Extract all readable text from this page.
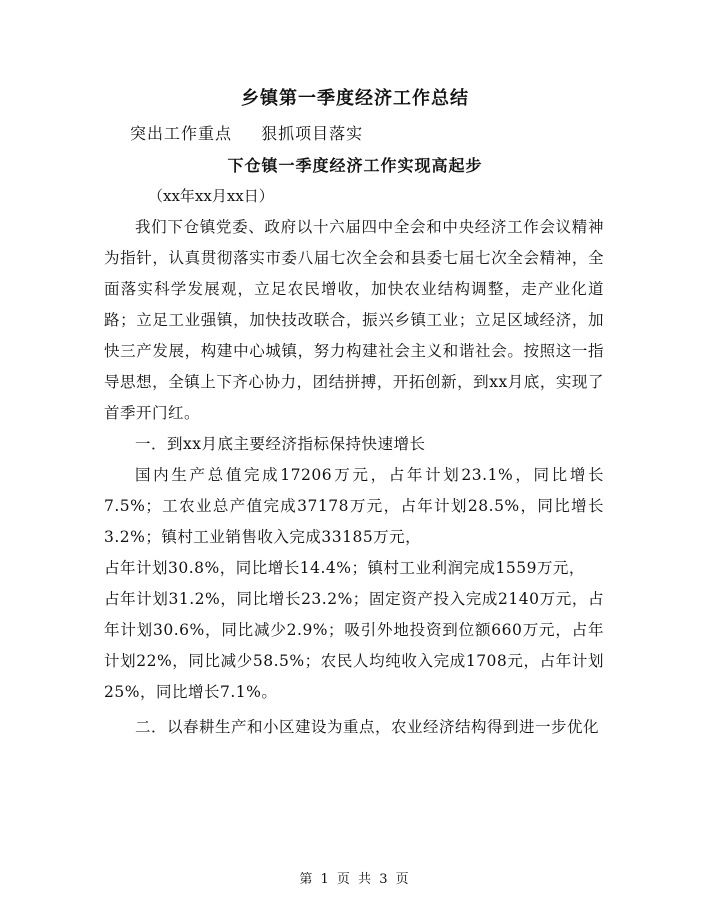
乡镇第一季度经济工作总结
突出工作重点　  狠抓项目落实
下仓镇一季度经济工作实现高起步
（xx年xx月xx日）

我们下仓镇党委、政府以十六届四中全会和中央经济工作会议精神为指针，认真贯彻落实市委八届七次全会和县委七届七次全会精神，全面落实科学发展观，立足农民增收，加快农业结构调整，走产业化道路；立足工业强镇，加快技改联合，振兴乡镇工业；立足区域经济，加快三产发展，构建中心城镇，努力构建社会主义和谐社会。按照这一指导思想，全镇上下齐心协力，团结拼搏，开拓创新，到xx月底，实现了首季开门红。

一．到xx月底主要经济指标保持快速增长

国内生产总值完成17206万元，占年计划23.1%，同比增长7.5%；工农业总产值完成37178万元，占年计划28.5%，同比增长3.2%；镇村工业销售收入完成33185万元，

占年计划30.8%，同比增长14.4%；镇村工业利润完成1559万元，

占年计划31.2%，同比增长23.2%；固定资产投入完成2140万元，占年计划30.6%，同比减少2.9%；吸引外地投资到位额660万元，占年计划22%，同比减少58.5%；农民人均纯收入完成1708元，占年计划25%，同比增长7.1%。

二．以春耕生产和小区建设为重点，农业经济结构得到进一步优化

第 1 页 共 3 页
